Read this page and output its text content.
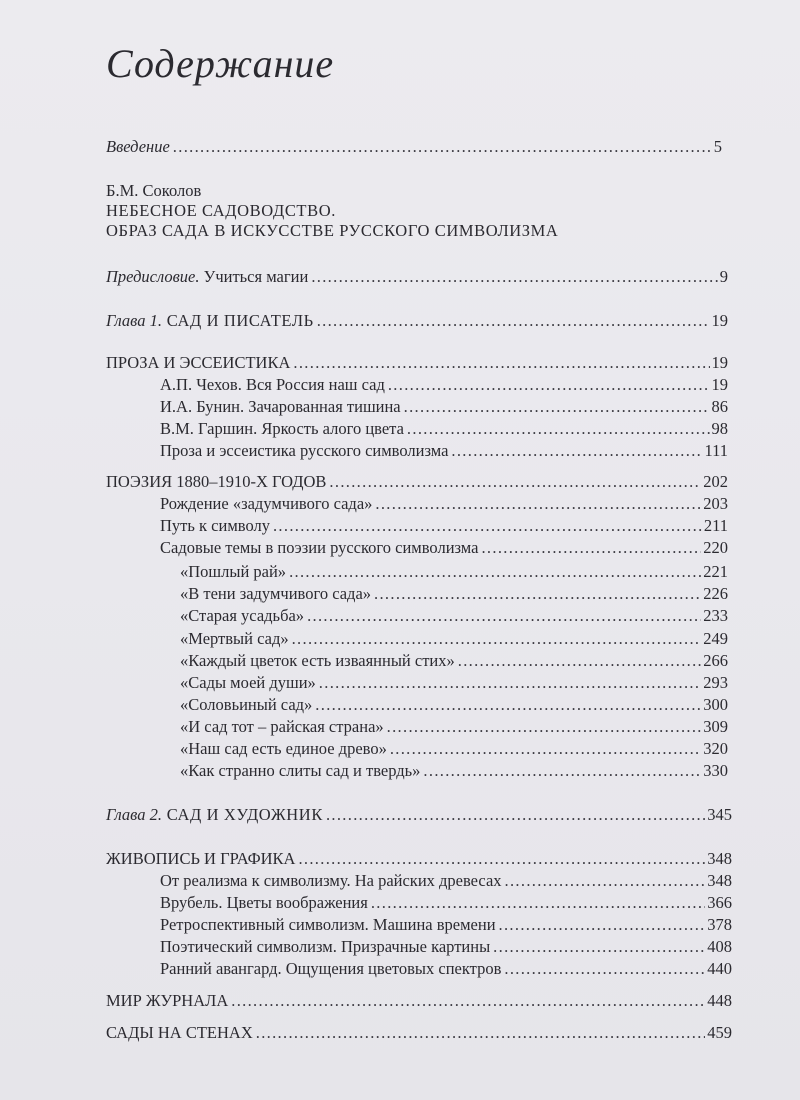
Содержание
Введение . . .	5
Б.М. Соколов
НЕБЕСНОЕ САДОВОДСТВО.
ОБРАЗ САДА В ИСКУССТВЕ РУССКОГО СИМВОЛИЗМА
Предисловие. Учиться магии . . .	9
Глава 1. САД И ПИСАТЕЛЬ . . .	19
ПРОЗА И ЭССЕИСТИКА . . .	19
А.П. Чехов. Вся Россия наш сад . . .	19
И.А. Бунин. Зачарованная тишина . . .	86
В.М. Гаршин. Яркость алого цвета . . .	98
Проза и эссеистика русского символизма . . .	111
ПОЭЗИЯ 1880–1910-Х ГОДОВ . . .	202
Рождение «задумчивого сада» . . .	203
Путь к символу . . .	211
Садовые темы в поэзии русского символизма . . .	220
«Пошлый рай» . . .	221
«В тени задумчивого сада» . . .	226
«Старая усадьба» . . .	233
«Мертвый сад» . . .	249
«Каждый цветок есть изваянный стих» . . .	266
«Сады моей души» . . .	293
«Соловьиный сад» . . .	300
«И сад тот – райская страна» . . .	309
«Наш сад есть единое древо» . . .	320
«Как странно слиты сад и твердь» . . .	330
Глава 2. САД И ХУДОЖНИК . . .	345
ЖИВОПИСЬ И ГРАФИКА . . .	348
От реализма к символизму. На райских древесах . . .	348
Врубель. Цветы воображения . . .	366
Ретроспективный символизм. Машина времени . . .	378
Поэтический символизм. Призрачные картины . . .	408
Ранний авангард. Ощущения цветовых спектров . . .	440
МИР ЖУРНАЛА . . .	448
САДЫ НА СТЕНАХ . . .	459
